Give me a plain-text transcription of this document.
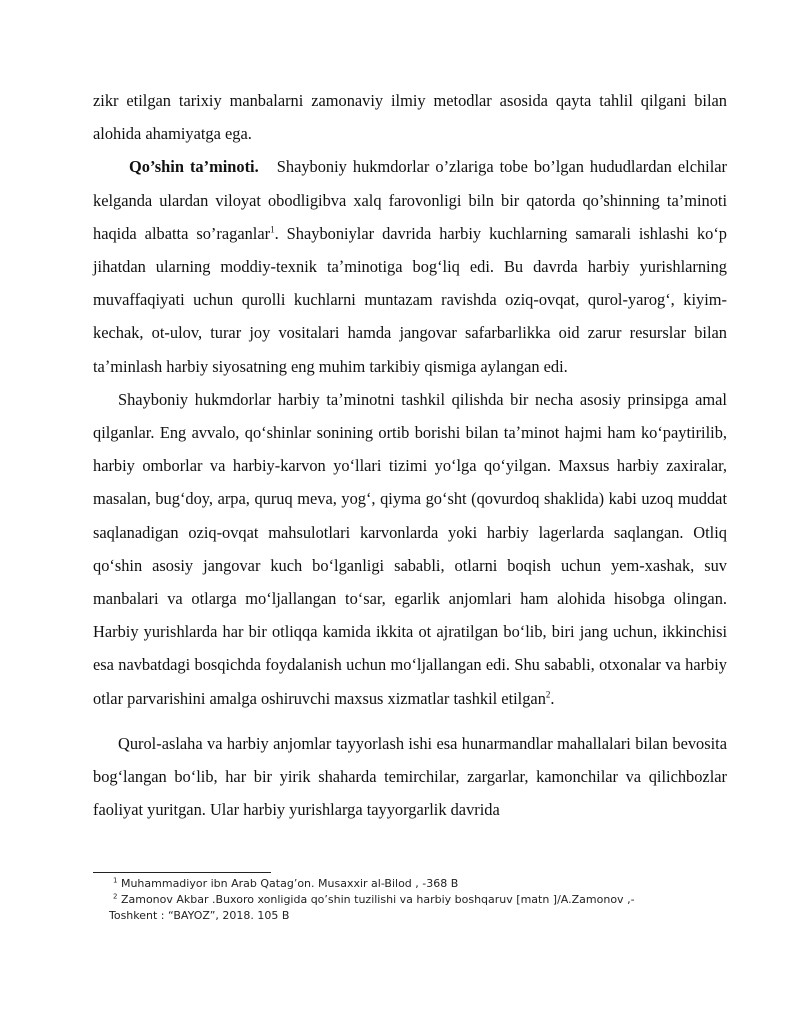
zikr etilgan tarixiy manbalarni zamonaviy ilmiy metodlar asosida qayta tahlil qilgani bilan alohida ahamiyatga ega.

Qo’shin ta’minoti.   Shayboniy hukmdorlar o’zlariga tobe bo’lgan hududlardan elchilar kelganda ulardan viloyat obodligibva xalq farovonligi biln bir qatorda qo’shinning ta’minoti haqida albatta so’raganlar$^1$. Shayboniylar davrida harbiy kuchlarning samarali ishlashi koʻp jihatdan ularning moddiy-texnik taʼminotiga bogʻliq edi. Bu davrda harbiy yurishlarning muvaffaqiyati uchun qurolli kuchlarni muntazam ravishda oziq-ovqat, qurol-yarogʻ, kiyim-kechak, ot-ulov, turar joy vositalari hamda jangovar safarbarlikka oid zarur resurslar bilan taʼminlash harbiy siyosatning eng muhim tarkibiy qismiga aylangan edi.

Shayboniy hukmdorlar harbiy taʼminotni tashkil qilishda bir necha asosiy prinsipga amal qilganlar. Eng avvalo, qoʻshinlar sonining ortib borishi bilan taʼminot hajmi ham koʻpaytirilib, harbiy omborlar va harbiy-karvon yoʻllari tizimi yoʻlga qoʻyilgan. Maxsus harbiy zaxiralar, masalan, bugʻdoy, arpa, quruq meva, yogʻ, qiyma goʻsht (qovurdoq shaklida) kabi uzoq muddat saqlanadigan oziq-ovqat mahsulotlari karvonlarda yoki harbiy lagerlarda saqlangan. Otliq qoʻshin asosiy jangovar kuch boʻlganligi sababli, otlarni boqish uchun yem-xashak, suv manbalari va otlarga moʻljallangan toʻsar, egarlik anjomlari ham alohida hisobga olingan. Harbiy yurishlarda har bir otliqqa kamida ikkita ot ajratilgan boʻlib, biri jang uchun, ikkinchisi esa navbatdagi bosqichda foydalanish uchun moʻljallangan edi. Shu sababli, otxonalar va harbiy otlar parvarishini amalga oshiruvchi maxsus xizmatlar tashkil etilgan$^2$.

Qurol-aslaha va harbiy anjomlar tayyorlash ishi esa hunarmandlar mahallalari bilan bevosita bogʻlangan boʻlib, har bir yirik shaharda temirchilar, zargarlar, kamonchilar va qilichbozlar faoliyat yuritgan. Ular harbiy yurishlarga tayyorgarlik davrida

$^1$ Muhammadiyor ibn Arab Qatag’on. Musaxxir al-Bilod , -368 B

$^2$ Zamonov Akbar .Buxoro xonligida qo’shin tuzilishi va harbiy boshqaruv [matn ]/A.Zamonov ,-

Toshkent : “BAYOZ”, 2018. 105 B
